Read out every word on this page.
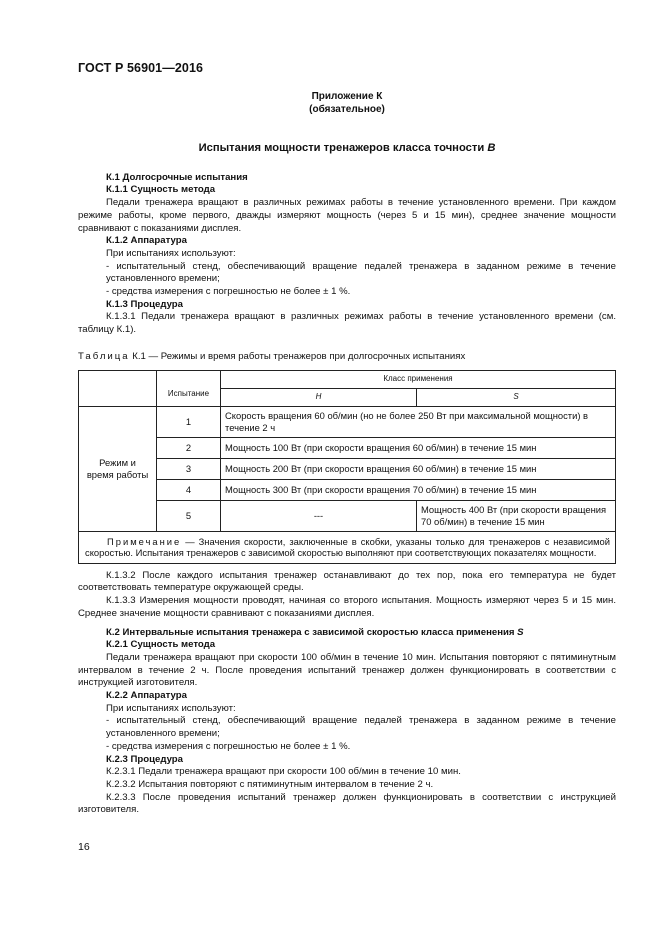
ГОСТ Р 56901—2016
Приложение К
(обязательное)
Испытания мощности тренажеров класса точности B

К.1 Долгосрочные испытания

К.1.1 Сущность метода

Педали тренажера вращают в различных режимах работы в течение установленного времени. При каждом режиме работы, кроме первого, дважды измеряют мощность (через 5 и 15 мин), среднее значение мощности сравнивают с показаниями дисплея.

К.1.2 Аппаратура

При испытаниях используют:

- испытательный стенд, обеспечивающий вращение педалей тренажера в заданном режиме в течение установленного времени;

- средства измерения с погрешностью не более ± 1 %.

К.1.3 Процедура

К.1.3.1 Педали тренажера вращают в различных режимах работы в течение установленного времени (см. таблицу К.1).

Таблица К.1 — Режимы и время работы тренажеров при долгосрочных испытаниях
	Испытание	Класс применения	
		H	S
Режим и время работы	1	Скорость вращения 60 об/мин (но не более 250 Вт при максимальной мощности) в течение 2 ч	
	2	Мощность 100 Вт (при скорости вращения 60 об/мин) в течение 15 мин	
	3	Мощность 200 Вт (при скорости вращения 60 об/мин) в течение 15 мин	
	4	Мощность 300 Вт (при скорости вращения 70 об/мин) в течение 15 мин	
	5	---	Мощность 400 Вт (при скорости вращения 70 об/мин) в течение 15 мин
Примечание — Значения скорости, заключенные в скобки, указаны только для тренажеров с независимой скоростью. Испытания тренажеров с зависимой скоростью выполняют при соответствующих показателях мощности.			

К.1.3.2 После каждого испытания тренажер останавливают до тех пор, пока его температура не будет соответствовать температуре окружающей среды.

К.1.3.3 Измерения мощности проводят, начиная со второго испытания. Мощность измеряют через 5 и 15 мин. Среднее значение мощности сравнивают с показаниями дисплея.

К.2 Интервальные испытания тренажера с зависимой скоростью класса применения S

К.2.1 Сущность метода

Педали тренажера вращают при скорости 100 об/мин в течение 10 мин. Испытания повторяют с пятиминутным интервалом в течение 2 ч. После проведения испытаний тренажер должен функционировать в соответствии с инструкцией изготовителя.

К.2.2 Аппаратура

При испытаниях используют:

- испытательный стенд, обеспечивающий вращение педалей тренажера в заданном режиме в течение установленного времени;

- средства измерения с погрешностью не более ± 1 %.

К.2.3 Процедура

К.2.3.1 Педали тренажера вращают при скорости 100 об/мин в течение 10 мин.

К.2.3.2 Испытания повторяют с пятиминутным интервалом в течение 2 ч.

К.2.3.3 После проведения испытаний тренажер должен функционировать в соответствии с инструкцией изготовителя.

16
